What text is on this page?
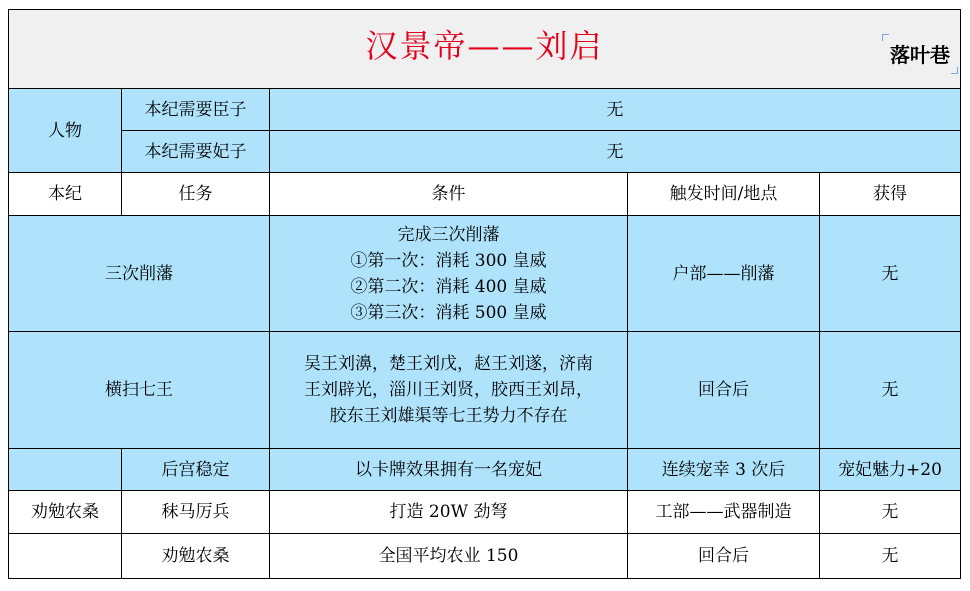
汉景帝——刘启 落叶巷				

人物	本纪需要臣子	无		
	本纪需要妃子	无		
本纪	任务	条件	触发时间/地点	获得
三次削藩		完成三次削藩
①第一次：消耗 300 皇威
②第二次：消耗 400 皇威
③第三次：消耗 500 皇威	户部——削藩	无
横扫七王		吴王刘濞，楚王刘戊，赵王刘遂，济南
王刘辟光，淄川王刘贤，胶西王刘昂，
胶东王刘雄渠等七王势力不存在	回合后	无
	后宫稳定	以卡牌效果拥有一名宠妃	连续宠幸 3 次后	宠妃魅力+20
劝勉农桑	秣马厉兵	打造 20W 劲弩	工部——武器制造	无
	劝勉农桑	全国平均农业 150	回合后	无
